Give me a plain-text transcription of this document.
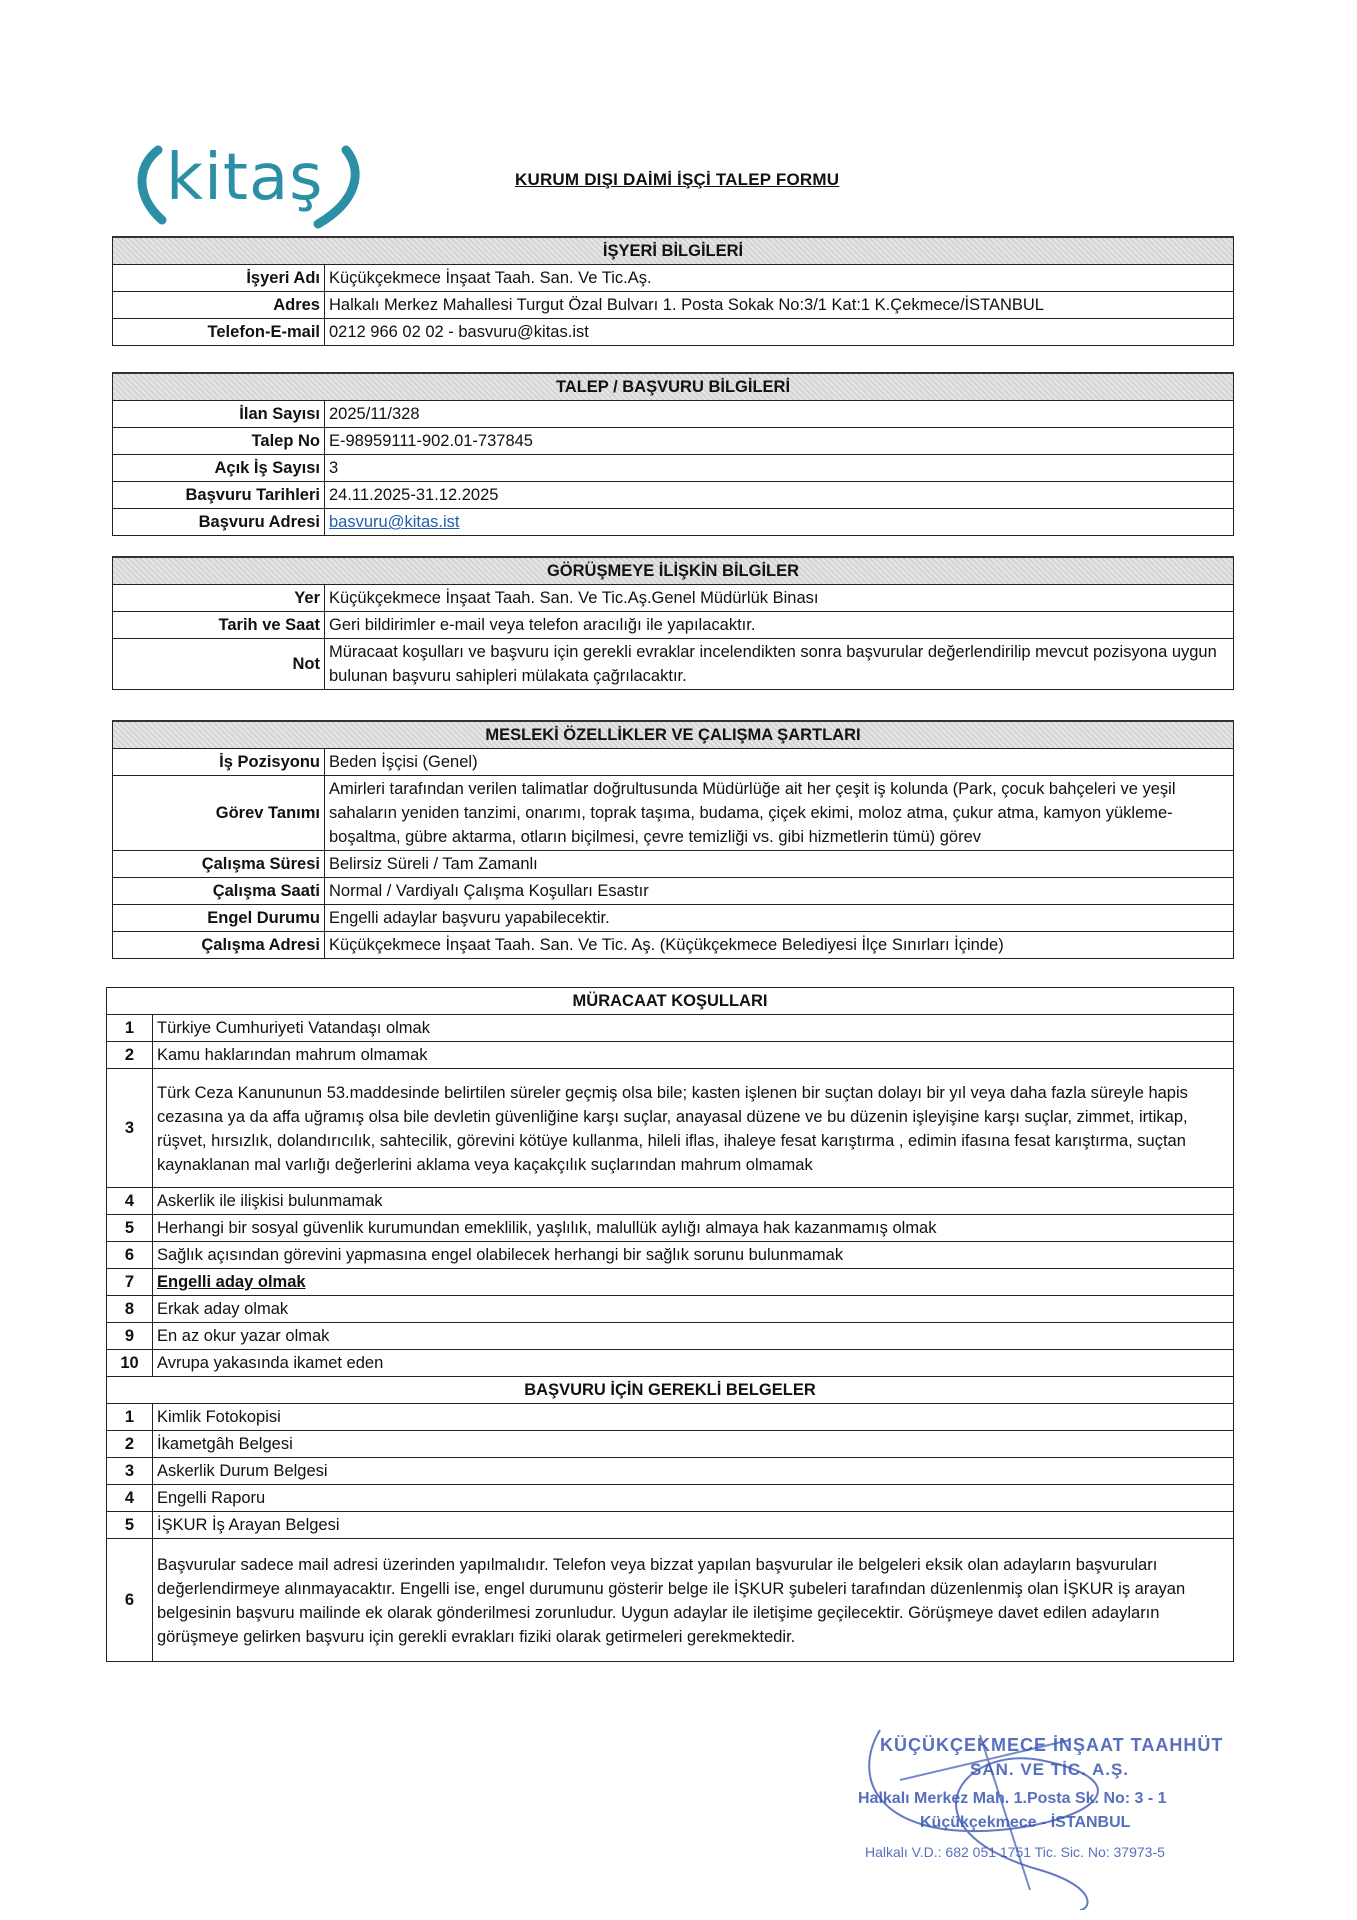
kitaş	KURUM DIŞI DAİMİ İŞÇİ TALEP FORMU
İŞYERİ BİLGİLERİ	
İşyeri Adı	Küçükçekmece İnşaat Taah. San. Ve Tic.Aş.
Adres	Halkalı Merkez Mahallesi Turgut Özal Bulvarı 1. Posta Sokak No:3/1 Kat:1 K.Çekmece/İSTANBUL
Telefon-E-mail	0212 966 02 02 - basvuru@kitas.ist
TALEP / BAŞVURU BİLGİLERİ	
İlan Sayısı	2025/11/328
Talep No	E-98959111-902.01-737845
Açık İş Sayısı	3
Başvuru Tarihleri	24.11.2025-31.12.2025
Başvuru Adresi	basvuru@kitas.ist
GÖRÜŞMEYE İLİŞKİN BİLGİLER	
Yer	Küçükçekmece İnşaat Taah. San. Ve Tic.Aş.Genel Müdürlük Binası
Tarih ve Saat	Geri bildirimler e-mail veya telefon aracılığı ile yapılacaktır.
Not	Müracaat koşulları ve başvuru için gerekli evraklar incelendikten sonra başvurular değerlendirilip mevcut pozisyona uygun bulunan başvuru sahipleri mülakata çağrılacaktır.
MESLEKİ ÖZELLİKLER VE ÇALIŞMA ŞARTLARI	
İş Pozisyonu	Beden İşçisi (Genel)
Görev Tanımı	Amirleri tarafından verilen talimatlar doğrultusunda Müdürlüğe ait her çeşit iş kolunda (Park, çocuk bahçeleri ve yeşil sahaların yeniden tanzimi, onarımı, toprak taşıma, budama, çiçek ekimi, moloz atma, çukur atma, kamyon yükleme-boşaltma, gübre aktarma, otların biçilmesi, çevre temizliği vs. gibi hizmetlerin tümü) görev
Çalışma Süresi	Belirsiz Süreli / Tam Zamanlı
Çalışma Saati	Normal / Vardiyalı Çalışma Koşulları Esastır
Engel Durumu	Engelli adaylar başvuru yapabilecektir.
Çalışma Adresi	Küçükçekmece İnşaat Taah. San. Ve Tic. Aş. (Küçükçekmece Belediyesi İlçe Sınırları İçinde)
MÜRACAAT KOŞULLARI	
1	Türkiye Cumhuriyeti Vatandaşı olmak
2	Kamu haklarından mahrum olmamak
3	Türk Ceza Kanununun 53.maddesinde belirtilen süreler geçmiş olsa bile; kasten işlenen bir suçtan dolayı bir yıl veya daha fazla süreyle hapis cezasına ya da affa uğramış olsa bile devletin güvenliğine karşı suçlar, anayasal düzene ve bu düzenin işleyişine karşı suçlar, zimmet, irtikap, rüşvet, hırsızlık, dolandırıcılık, sahtecilik, görevini kötüye kullanma, hileli iflas, ihaleye fesat karıştırma , edimin ifasına fesat karıştırma, suçtan kaynaklanan mal varlığı değerlerini aklama veya kaçakçılık suçlarından mahrum olmamak
4	Askerlik ile ilişkisi bulunmamak
5	Herhangi bir sosyal güvenlik kurumundan emeklilik, yaşlılık, malullük aylığı almaya hak kazanmamış olmak
6	Sağlık açısından görevini yapmasına engel olabilecek herhangi bir sağlık sorunu bulunmamak
7	Engelli aday olmak
8	Erkak aday olmak
9	En az okur yazar olmak
10	Avrupa yakasında ikamet eden
BAŞVURU İÇİN GEREKLİ BELGELER	
1	Kimlik Fotokopisi
2	İkametgâh Belgesi
3	Askerlik Durum Belgesi
4	Engelli Raporu
5	İŞKUR İş Arayan Belgesi
6	Başvurular sadece mail adresi üzerinden yapılmalıdır. Telefon veya bizzat yapılan başvurular ile belgeleri eksik olan adayların başvuruları değerlendirmeye alınmayacaktır. Engelli ise, engel durumunu gösterir belge ile İŞKUR şubeleri tarafından düzenlenmiş olan İŞKUR iş arayan belgesinin başvuru mailinde ek olarak gönderilmesi zorunludur. Uygun adaylar ile iletişime geçilecektir. Görüşmeye davet edilen adayların görüşmeye gelirken başvuru için gerekli evrakları fiziki olarak getirmeleri gerekmektedir.
KÜÇÜKÇEKMECE İNŞAAT TAAHHÜT
SAN. VE TİC. A.Ş.
Halkalı Merkez Mah. 1.Posta Sk. No: 3 - 1
Küçükçekmece - İSTANBUL
Halkalı V.D.: 682 051 1751 Tic. Sic. No: 37973-5
